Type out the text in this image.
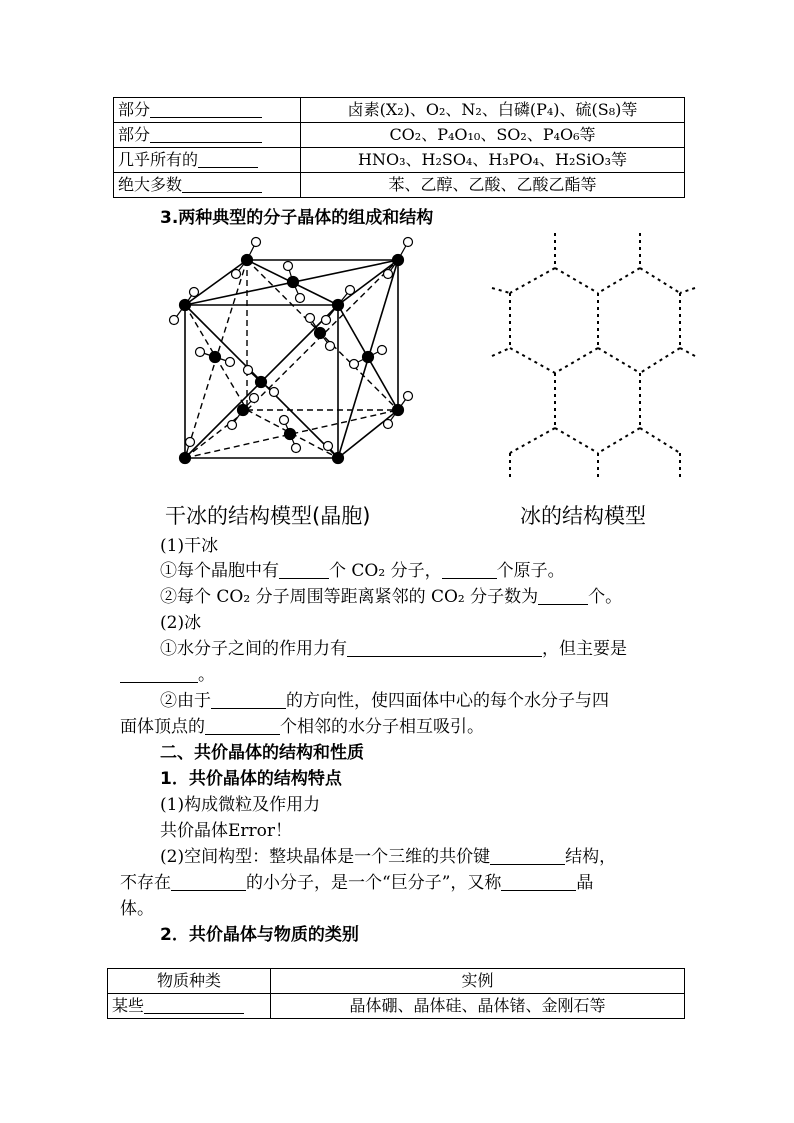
部分	卤素(X₂)、O₂、N₂、白磷(P₄)、硫(S₈)等
部分	CO₂、P₄O₁₀、SO₂、P₄O₆等
几乎所有的	HNO₃、H₂SO₄、H₃PO₄、H₂SiO₃等
绝大多数	苯、乙醇、乙酸、乙酸乙酯等
3.两种典型的分子晶体的组成和结构
干冰的结构模型(晶胞)	冰的结构模型
(1)干冰
①每个晶胞中有	个 CO₂ 分子，	个原子。
②每个 CO₂ 分子周围等距离紧邻的 CO₂ 分子数为	个。
(2)冰
①水分子之间的作用力有	，但主要是
。
②由于	的方向性，使四面体中心的每个水分子与四
面体顶点的	个相邻的水分子相互吸引。
二、共价晶体的结构和性质
1．共价晶体的结构特点
(1)构成微粒及作用力
共价晶体Error！
(2)空间构型：整块晶体是一个三维的共价键	结构，
不存在	的小分子，是一个“巨分子”，又称	晶
体。
2．共价晶体与物质的类别
物质种类	实例
某些	晶体硼、晶体硅、晶体锗、金刚石等
